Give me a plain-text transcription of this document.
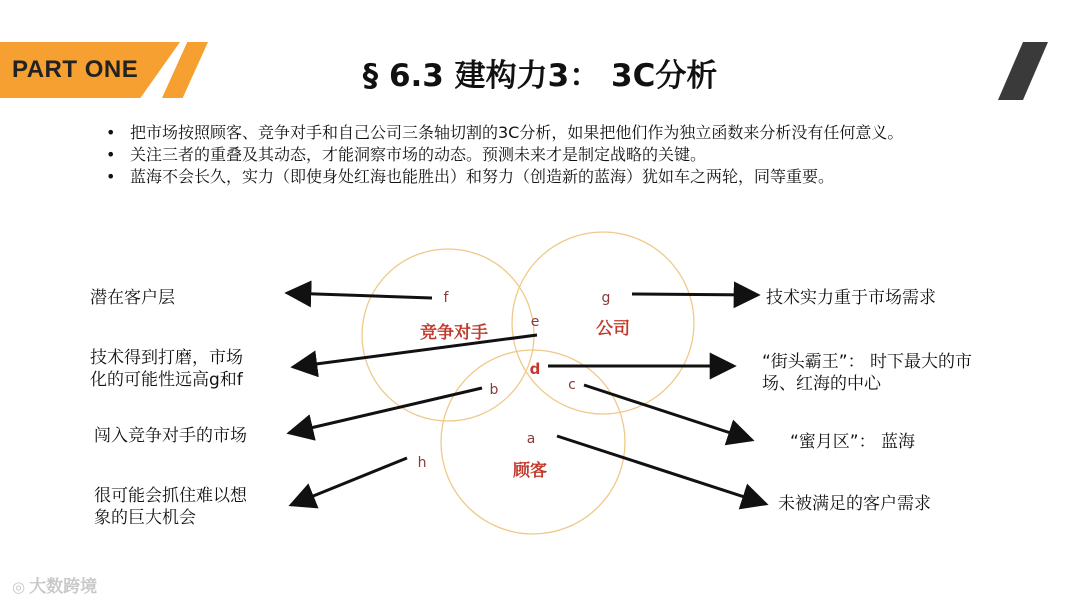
PART ONE	§ 6.3 建构力3： 3C分析
• 把市场按照顾客、竞争对手和自己公司三条轴切割的3C分析，如果把他们作为独立函数来分析没有任何意义。
• 关注三者的重叠及其动态，才能洞察市场的动态。预测未来才是制定战略的关键。
• 蓝海不会长久，实力（即使身处红海也能胜出）和努力（创造新的蓝海）犹如车之两轮，同等重要。
竞争对手	公司
顾客
f	g
e
d
b	c
a
h
潜在客户层
技术得到打磨，市场
化的可能性远高g和f
闯入竞争对手的市场
很可能会抓住难以想
象的巨大机会
技术实力重于市场需求
“街头霸王”： 时下最大的市
场、红海的中心
“蜜月区”： 蓝海
未被满足的客户需求
◎ 大数跨境
